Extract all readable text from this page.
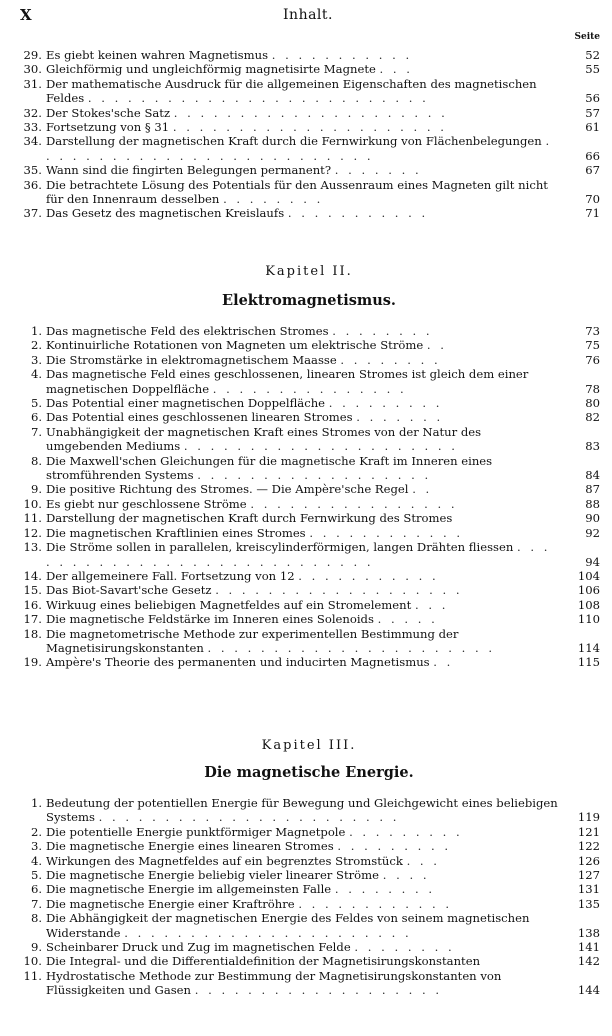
X	Inhalt.
Seite
29. Es giebt keinen wahren Magnetismus . . . . . . . . . . .	52
30. Gleichförmig und ungleichförmig magnetisirte Magnete . . .	55
31. Der mathematische Ausdruck für die allgemeinen Eigenschaften des magnetischen Feldes . . . . . . . . . . . . . . . . . . . . . . . . . .	56
32. Der Stokes'sche Satz . . . . . . . . . . . . . . . . . . . . .	57
33. Fortsetzung von § 31 . . . . . . . . . . . . . . . . . . . . .	61
34. Darstellung der magnetischen Kraft durch die Fernwirkung von Flächenbelegungen . . . . . . . . . . . . . . . . . . . . . . . . . .	66
35. Wann sind die fingirten Belegungen permanent? . . . . . . .	67
36. Die betrachtete Lösung des Potentials für den Aussenraum eines Magneten gilt nicht für den Innenraum desselben . . . . . . . .	70
37. Das Gesetz des magnetischen Kreislaufs . . . . . . . . . . .	71
Kapitel II.
Elektromagnetismus.
1. Das magnetische Feld des elektrischen Stromes . . . . . . . .	73
2. Kontinuirliche Rotationen von Magneten um elektrische Ströme . .	75
3. Die Stromstärke in elektromagnetischem Maasse . . . . . . . .	76
4. Das magnetische Feld eines geschlossenen, linearen Stromes ist gleich dem einer magnetischen Doppelfläche . . . . . . . . . . . . . . .	78
5. Das Potential einer magnetischen Doppelfläche . . . . . . . . .	80
6. Das Potential eines geschlossenen linearen Stromes . . . . . . .	82
7. Unabhängigkeit der magnetischen Kraft eines Stromes von der Natur des umgebenden Mediums . . . . . . . . . . . . . . . . . . . . .	83
8. Die Maxwell'schen Gleichungen für die magnetische Kraft im Inneren eines stromführenden Systems . . . . . . . . . . . . . . . . . .	84
9. Die positive Richtung des Stromes. — Die Ampère'sche Regel . .	87
10. Es giebt nur geschlossene Ströme . . . . . . . . . . . . . . . .	88
11. Darstellung der magnetischen Kraft durch Fernwirkung des Stromes	90
12. Die magnetischen Kraftlinien eines Stromes . . . . . . . . . . . .	92
13. Die Ströme sollen in parallelen, kreiscylinderförmigen, langen Drähten fliessen . . . . . . . . . . . . . . . . . . . . . . . . . . . .	94
14. Der allgemeinere Fall. Fortsetzung von 12 . . . . . . . . . . .	104
15. Das Biot-Savart'sche Gesetz . . . . . . . . . . . . . . . . . . .	106
16. Wirkuug eines beliebigen Magnetfeldes auf ein Stromelement . . .	108
17. Die magnetische Feldstärke im Inneren eines Solenoids . . . . .	110
18. Die magnetometrische Methode zur experimentellen Bestimmung der Magnetisirungskonstanten . . . . . . . . . . . . . . . . . . . . . .	114
19. Ampère's Theorie des permanenten und inducirten Magnetismus . .	115
Kapitel III.
Die magnetische Energie.
1. Bedeutung der potentiellen Energie für Bewegung und Gleichgewicht eines beliebigen Systems . . . . . . . . . . . . . . . . . . . . . . .	119
2. Die potentielle Energie punktförmiger Magnetpole . . . . . . . . .	121
3. Die magnetische Energie eines linearen Stromes . . . . . . . . .	122
4. Wirkungen des Magnetfeldes auf ein begrenztes Stromstück . . .	126
5. Die magnetische Energie beliebig vieler linearer Ströme . . . .	127
6. Die magnetische Energie im allgemeinsten Falle . . . . . . . .	131
7. Die magnetische Energie einer Kraftröhre . . . . . . . . . . . .	135
8. Die Abhängigkeit der magnetischen Energie des Feldes von seinem magnetischen Widerstande . . . . . . . . . . . . . . . . . . . . . .	138
9. Scheinbarer Druck und Zug im magnetischen Felde . . . . . . . .	141
10. Die Integral- und die Differentialdefinition der Magnetisirungskonstanten	142
11. Hydrostatische Methode zur Bestimmung der Magnetisirungskonstanten von Flüssigkeiten und Gasen . . . . . . . . . . . . . . . . . . .	144
